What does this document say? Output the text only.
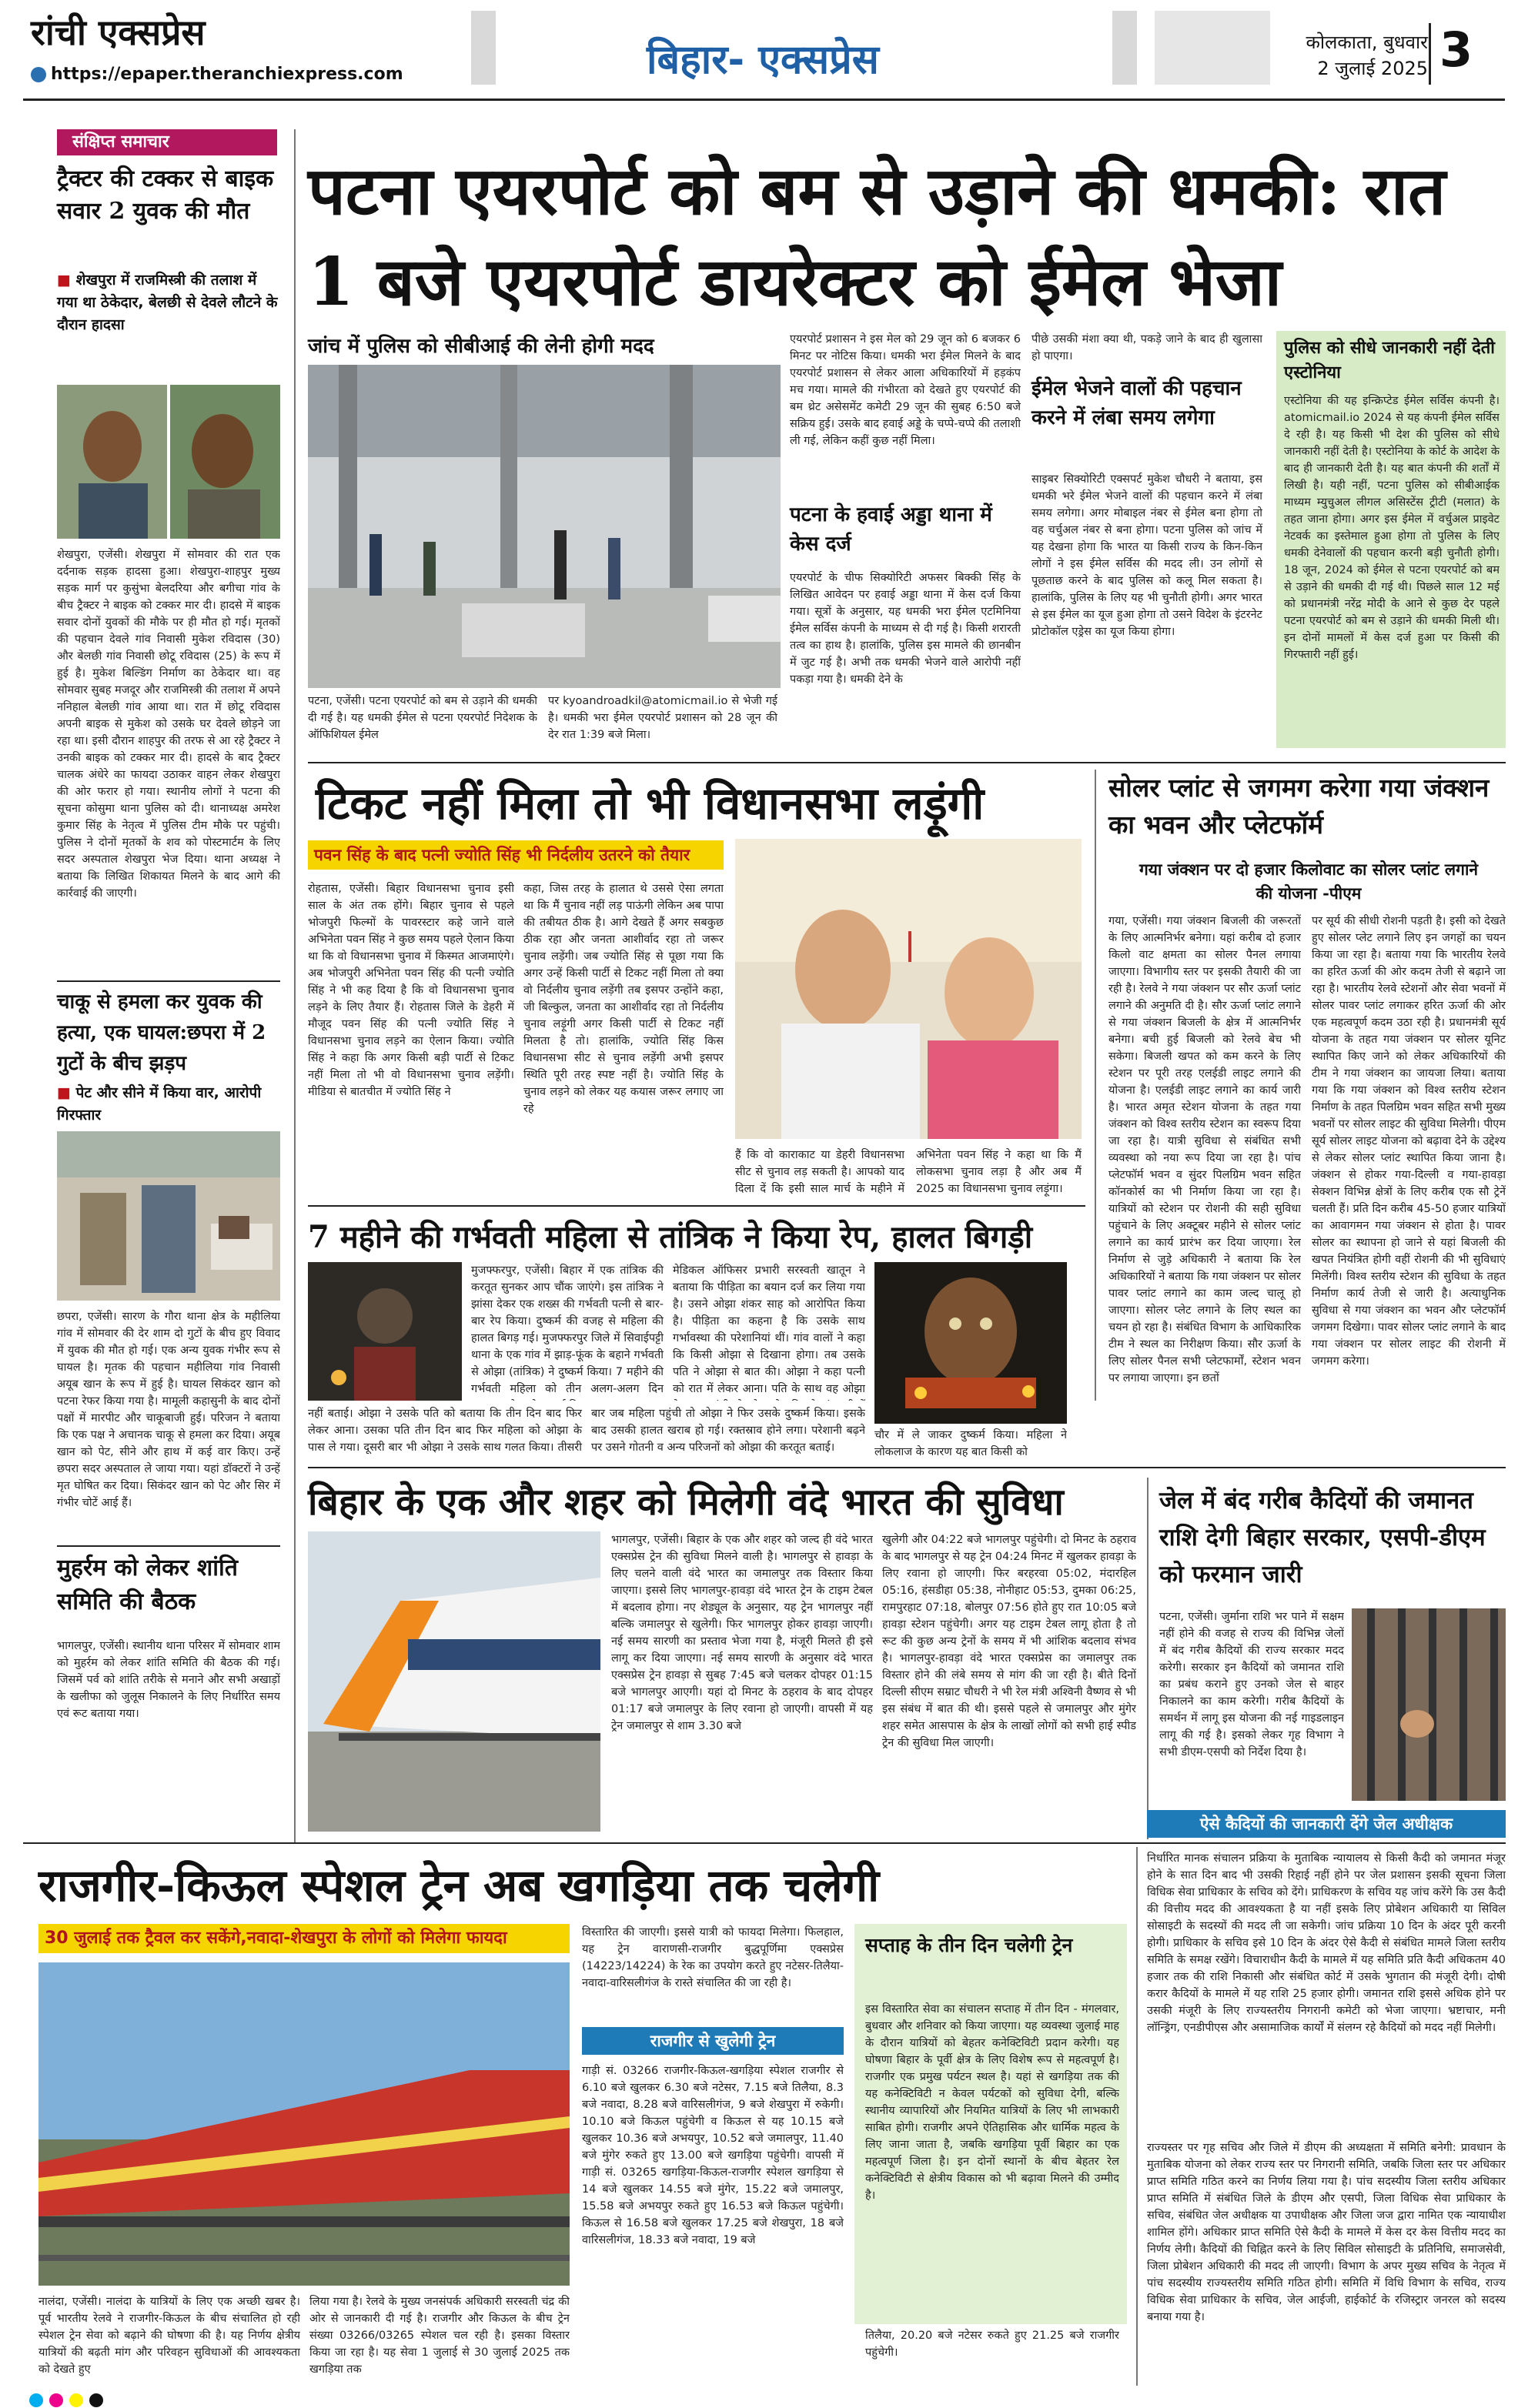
रांची एक्सप्रेस
https://epaper.theranchiexpress.com	बिहार- एक्सप्रेस	कोलकाता, बुधवार
2 जुलाई 2025 3
संक्षिप्त समाचार
ट्रैक्टर की टक्कर से बाइक सवार 2 युवक की मौत
■ शेखपुरा में राजमिस्त्री की तलाश में गया था ठेकेदार, बेलछी से देवले लौटने के दौरान हादसा
शेखपुरा, एजेंसी। शेखपुरा में सोमवार की रात एक दर्दनाक सड़क हादसा हुआ। शेखपुरा-शाहपुर मुख्य सड़क मार्ग पर कुसुंभा बेलदरिया और बगीचा गांव के बीच ट्रैक्टर ने बाइक को टक्कर मार दी। हादसे में बाइक सवार दोनों युवकों की मौके पर ही मौत हो गई। मृतकों की पहचान देवले गांव निवासी मुकेश रविदास (30) और बेलछी गांव निवासी छोटू रविदास (25) के रूप में हुई है। मुकेश बिल्डिंग निर्माण का ठेकेदार था। वह सोमवार सुबह मजदूर और राजमिस्त्री की तलाश में अपने ननिहाल बेलछी गांव आया था। रात में छोटू रविदास अपनी बाइक से मुकेश को उसके घर देवले छोड़ने जा रहा था। इसी दौरान शाहपुर की तरफ से आ रहे ट्रैक्टर ने उनकी बाइक को टक्कर मार दी। हादसे के बाद ट्रैक्टर चालक अंधेरे का फायदा उठाकर वाहन लेकर शेखपुरा की ओर फरार हो गया। स्थानीय लोगों ने पटना की सूचना कोसुमा थाना पुलिस को दी। थानाध्यक्ष अमरेश कुमार सिंह के नेतृत्व में पुलिस टीम मौके पर पहुंची। पुलिस ने दोनों मृतकों के शव को पोस्टमार्टम के लिए सदर अस्पताल शेखपुरा भेज दिया। थाना अध्यक्ष ने बताया कि लिखित शिकायत मिलने के बाद आगे की कार्रवाई की जाएगी।
चाकू से हमला कर युवक की हत्या, एक घायल:छपरा में 2 गुटों के बीच झड़प
■ पेट और सीने में किया वार, आरोपी गिरफ्तार
छपरा, एजेंसी। सारण के गौरा थाना क्षेत्र के महीलिया गांव में सोमवार की देर शाम दो गुटों के बीच हुए विवाद में युवक की मौत हो गई। एक अन्य युवक गंभीर रूप से घायल है। मृतक की पहचान महीलिया गांव निवासी अयूब खान के रूप में हुई है। घायल सिकंदर खान को पटना रेफर किया गया है। मामूली कहासुनी के बाद दोनों पक्षों में मारपीट और चाकूबाजी हुई। परिजन ने बताया कि एक पक्ष ने अचानक चाकू से हमला कर दिया। अयूब खान को पेट, सीने और हाथ में कई वार किए। उन्हें छपरा सदर अस्पताल ले जाया गया। यहां डॉक्टरों ने उन्हें मृत घोषित कर दिया। सिकंदर खान को पेट और सिर में गंभीर चोटें आई हैं।
मुहर्रम को लेकर शांति समिति की बैठक
भागलपुर, एजेंसी। स्थानीय थाना परिसर में सोमवार शाम को मुहर्रम को लेकर शांति समिति की बैठक की गई। जिसमें पर्व को शांति तरीके से मनाने और सभी अखाड़ों के खलीफा को जुलूस निकालने के लिए निर्धारित समय एवं रूट बताया गया।
पटना एयरपोर्ट को बम से उड़ाने की धमकी: रात 1 बजे एयरपोर्ट डायरेक्टर को ईमेल भेजा
जांच में पुलिस को सीबीआई की लेनी होगी मदद
पटना, एजेंसी। पटना एयरपोर्ट को बम से उड़ाने की धमकी दी गई है। यह धमकी ईमेल से पटना एयरपोर्ट निदेशक के ऑफिशियल ईमेल
पर kyoandroadkil@atomicmail.io से भेजी गई है। धमकी भरा ईमेल एयरपोर्ट प्रशासन को 28 जून की देर रात 1:39 बजे मिला।
एयरपोर्ट प्रशासन ने इस मेल को 29 जून को 6 बजकर 6 मिनट पर नोटिस किया। धमकी भरा ईमेल मिलने के बाद एयरपोर्ट प्रशासन से लेकर आला अधिकारियों में हड़कंप मच गया। मामले की गंभीरता को देखते हुए एयरपोर्ट की बम थ्रेट असेसमेंट कमेटी 29 जून की सुबह 6:50 बजे सक्रिय हुई। उसके बाद हवाई अड्डे के चप्पे-चप्पे की तलाशी ली गई, लेकिन कहीं कुछ नहीं मिला।
पटना के हवाई अड्डा थाना में केस दर्ज
एयरपोर्ट के चीफ सिक्योरिटी अफसर बिक्की सिंह के लिखित आवेदन पर हवाई अड्डा थाना में केस दर्ज किया गया। सूत्रों के अनुसार, यह धमकी भरा ईमेल एटमिनिया ईमेल सर्विस कंपनी के माध्यम से दी गई है। किसी शरारती तत्व का हाथ है। हालांकि, पुलिस इस मामले की छानबीन में जुट गई है। अभी तक धमकी भेजने वाले आरोपी नहीं पकड़ा गया है। धमकी देने के
पीछे उसकी मंशा क्या थी, पकड़े जाने के बाद ही खुलासा हो पाएगा।
ईमेल भेजने वालों की पहचान करने में लंबा समय लगेगा
साइबर सिक्योरिटी एक्सपर्ट मुकेश चौधरी ने बताया, इस धमकी भरे ईमेल भेजने वालों की पहचान करने में लंबा समय लगेगा। अगर मोबाइल नंबर से ईमेल बना होगा तो वह चर्चुअल नंबर से बना होगा। पटना पुलिस को जांच में यह देखना होगा कि भारत या किसी राज्य के किन-किन लोगों ने इस ईमेल सर्विस की मदद ली। उन लोगों से पूछताछ करने के बाद पुलिस को कलू मिल सकता है। हालांकि, पुलिस के लिए यह भी चुनौती होगी। अगर भारत से इस ईमेल का यूज हुआ होगा तो उसने विदेश के इंटरनेट प्रोटोकॉल एड्रेस का यूज किया होगा।
पुलिस को सीधे जानकारी नहीं देती एस्टोनिया
एस्टोनिया की यह इन्क्रिप्टेड ईमेल सर्विस कंपनी है। atomicmail.io 2024 से यह कंपनी ईमेल सर्विस दे रही है। यह किसी भी देश की पुलिस को सीधे जानकारी नहीं देती है। एस्टोनिया के कोर्ट के आदेश के बाद ही जानकारी देती है। यह बात कंपनी की शर्तों में लिखी है। यही नहीं, पटना पुलिस को सीबीआईक माध्यम म्युचुअल लीगल असिस्टेंस ट्रीटी (मलात) के तहत जाना होगा। अगर इस ईमेल में वर्चुअल प्राइवेट नेटवर्क का इस्तेमाल हुआ होगा तो पुलिस के लिए धमकी देनेवालों की पहचान करनी बड़ी चुनौती होगी। 18 जून, 2024 को ईमेल से पटना एयरपोर्ट को बम से उड़ाने की धमकी दी गई थी। पिछले साल 12 मई को प्रधानमंत्री नरेंद्र मोदी के आने से कुछ देर पहले पटना एयरपोर्ट को बम से उड़ाने की धमकी मिली थी। इन दोनों मामलों में केस दर्ज हुआ पर किसी की गिरफ्तारी नहीं हुई।
टिकट नहीं मिला तो भी विधानसभा लड़ूंगी
पवन सिंह के बाद पत्नी ज्योति सिंह भी निर्दलीय उतरने को तैयार
रोहतास, एजेंसी। बिहार विधानसभा चुनाव इसी साल के अंत तक होंगे। बिहार चुनाव से पहले भोजपुरी फिल्मों के पावरस्टार कहे जाने वाले अभिनेता पवन सिंह ने कुछ समय पहले ऐलान किया था कि वो विधानसभा चुनाव में किस्मत आजमाएंगे। अब भोजपुरी अभिनेता पवन सिंह की पत्नी ज्योति सिंह ने भी कह दिया है कि वो विधानसभा चुनाव लड़ने के लिए तैयार हैं। रोहतास जिले के डेहरी में मौजूद पवन सिंह की पत्नी ज्योति सिंह ने विधानसभा चुनाव लड़ने का ऐलान किया। ज्योति सिंह ने कहा कि अगर किसी बड़ी पार्टी से टिकट नहीं मिला तो भी वो विधानसभा चुनाव लड़ेंगी। मीडिया से बातचीत में ज्योति सिंह ने
कहा, जिस तरह के हालात थे उससे ऐसा लगता था कि मैं चुनाव नहीं लड़ पाऊंगी लेकिन अब पापा की तबीयत ठीक है। आगे देखते हैं अगर सबकुछ ठीक रहा और जनता आशीर्वाद रहा तो जरूर चुनाव लड़ेंगी। जब ज्योति सिंह से पूछा गया कि अगर उन्हें किसी पार्टी से टिकट नहीं मिला तो क्या वो निर्दलीय चुनाव लड़ेंगी तब इसपर उन्होंने कहा, जी बिल्कुल, जनता का आशीर्वाद रहा तो निर्दलीय चुनाव लड़ूंगी अगर किसी पार्टी से टिकट नहीं मिलता है तो। हालांकि, ज्योति सिंह किस विधानसभा सीट से चुनाव लड़ेंगी अभी इसपर स्थिति पूरी तरह स्पष्ट नहीं है। ज्योति सिंह के चुनाव लड़ने को लेकर यह कयास जरूर लगाए जा रहे
हैं कि वो काराकाट या डेहरी विधानसभा सीट से चुनाव लड़ सकती है। आपको याद दिला दें कि इसी साल मार्च के महीने में
अभिनेता पवन सिंह ने कहा था कि मैं लोकसभा चुनाव लड़ा है और अब मैं 2025 का विधानसभा चुनाव लड़ूंगा।
सोलर प्लांट से जगमग करेगा गया जंक्शन का भवन और प्लेटफॉर्म
गया जंक्शन पर दो हजार किलोवाट का सोलर प्लांट लगाने की योजना -पीएम
गया, एजेंसी। गया जंक्शन बिजली की जरूरतों के लिए आत्मनिर्भर बनेगा। यहां करीब दो हजार किलो वाट क्षमता का सोलर पैनल लगाया जाएगा। विभागीय स्तर पर इसकी तैयारी की जा रही है। रेलवे ने गया जंक्शन पर सौर ऊर्जा प्लांट लगाने की अनुमति दी है। सौर ऊर्जा प्लांट लगाने से गया जंक्शन बिजली के क्षेत्र में आत्मनिर्भर बनेगा। बची हुई बिजली को रेलवे बेच भी सकेगा। बिजली खपत को कम करने के लिए स्टेशन पर पूरी तरह एलईडी लाइट लगाने की योजना है। एलईडी लाइट लगाने का कार्य जारी है। भारत अमृत स्टेशन योजना के तहत गया जंक्शन को विश्व स्तरीय स्टेशन का स्वरूप दिया जा रहा है। यात्री सुविधा से संबंधित सभी व्यवस्था को नया रूप दिया जा रहा है। पांच प्लेटफॉर्म भवन व सुंदर पिलग्रिम भवन सहित कॉनकोर्स का भी निर्माण किया जा रहा है। यात्रियों को स्टेशन पर रोशनी की सही सुविधा पहुंचाने के लिए अक्टूबर महीने से सोलर प्लांट लगाने का कार्य प्रारंभ कर दिया जाएगा। रेल निर्माण से जुड़े अधिकारी ने बताया कि रेल अधिकारियों ने बताया कि गया जंक्शन पर सोलर पावर प्लांट लगाने का काम जल्द चालू हो जाएगा। सोलर प्लेट लगाने के लिए स्थल का चयन हो रहा है। संबंधित विभाग के आधिकारिक टीम ने स्थल का निरीक्षण किया। सौर ऊर्जा के लिए सोलर पैनल सभी प्लेटफार्मों, स्टेशन भवन पर लगाया जाएगा। इन छतों
पर सूर्य की सीधी रोशनी पड़ती है। इसी को देखते हुए सोलर प्लेट लगाने लिए इन जगहों का चयन किया जा रहा है। बताया गया कि भारतीय रेलवे का हरित ऊर्जा की ओर कदम तेजी से बढ़ाने जा रहा है। भारतीय रेलवे स्टेशनों और सेवा भवनों में सोलर पावर प्लांट लगाकर हरित ऊर्जा की ओर एक महत्वपूर्ण कदम उठा रही है। प्रधानमंत्री सूर्य योजना के तहत गया जंक्शन पर सोलर यूनिट स्थापित किए जाने को लेकर अधिकारियों की टीम ने गया जंक्शन का जायजा लिया। बताया गया कि गया जंक्शन को विश्व स्तरीय स्टेशन निर्माण के तहत पिलग्रिम भवन सहित सभी मुख्य भवनों पर सोलर लाइट की सुविधा मिलेगी। पीएम सूर्य सोलर लाइट योजना को बढ़ावा देने के उद्देश्य से लेकर सोलर प्लांट स्थापित किया जाना है। जंक्शन से होकर गया-दिल्ली व गया-हावड़ा सेक्शन विभिन्न क्षेत्रों के लिए करीब एक सौ ट्रेनें चलती हैं। प्रति दिन करीब 45-50 हजार यात्रियों का आवागमन गया जंक्शन से होता है। पावर सोलर का स्थापना हो जाने से यहां बिजली की खपत नियंत्रित होगी वहीं रोशनी की भी सुविधाएं मिलेंगी। विश्व स्तरीय स्टेशन की सुविधा के तहत निर्माण कार्य तेजी से जारी है। अत्याधुनिक सुविधा से गया जंक्शन का भवन और प्लेटफॉर्म जगमग दिखेगा। पावर सोलर प्लांट लगाने के बाद गया जंक्शन पर सोलर लाइट की रोशनी में जगमग करेगा।
7 महीने की गर्भवती महिला से तांत्रिक ने किया रेप, हालत बिगड़ी
मुजफ्फरपुर, एजेंसी। बिहार में एक तांत्रिक की करतूत सुनकर आप चौंक जाएंगे। इस तांत्रिक ने झांसा देकर एक शख्स की गर्भवती पत्नी से बार-बार रेप किया। दुष्कर्म की वजह से महिला की हालत बिगड़ गई। मुजफ्फरपुर जिले में सिवाईपट्टी थाना के एक गांव में झाड़-फूंक के बहाने गर्भवती से ओझा (तांत्रिक) ने दुष्कर्म किया। 7 महीने की गर्भवती महिला को तीन अलग-अलग दिन
मेडिकल ऑफिसर प्रभारी सरस्वती खातून ने बताया कि पीड़िता का बयान दर्ज कर लिया गया है। उसने ओझा शंकर साह को आरोपित किया है। पीड़िता का कहना है कि उसके साथ गर्भावस्था की परेशानियां थीं। गांव वालों ने कहा कि किसी ओझा से दिखाना होगा। तब उसके पति ने ओझा से बात की। ओझा ने कहा पत्नी को रात में लेकर आना। पति के साथ वह ओझा
चौर में ले जाकर दुष्कर्म किया। महिला ने लोकलाज के कारण यह बात किसी को
नहीं बताई। ओझा ने उसके पति को बताया कि तीन दिन बाद फिर लेकर आना। उसका पति तीन दिन बाद फिर महिला को ओझा के पास ले गया। दूसरी बार भी ओझा ने उसके साथ गलत किया। तीसरी बार जब महिला पहुंची तो ओझा ने फिर उसके दुष्कर्म किया। इसके बाद उसकी हालत खराब हो गई। रक्तस्राव होने लगा। परेशानी बढ़ने पर उसने गोतनी व अन्य परिजनों को ओझा की करतूत बताई।
बिहार के एक और शहर को मिलेगी वंदे भारत की सुविधा
भागलपुर, एजेंसी। बिहार के एक और शहर को जल्द ही वंदे भारत एक्सप्रेस ट्रेन की सुविधा मिलने वाली है। भागलपुर से हावड़ा के लिए चलने वाली वंदे भारत का जमालपुर तक विस्तार किया जाएगा। इससे लिए भागलपुर-हावड़ा वंदे भारत ट्रेन के टाइम टेबल में बदलाव होगा। नए शेड्यूल के अनुसार, यह ट्रेन भागलपुर नहीं बल्कि जमालपुर से खुलेगी। फिर भागलपुर होकर हावड़ा जाएगी। नई समय सारणी का प्रस्ताव भेजा गया है, मंजूरी मिलते ही इसे लागू कर दिया जाएगा। नई समय सारणी के अनुसार वंदे भारत एक्सप्रेस ट्रेन हावड़ा से सुबह 7:45 बजे चलकर दोपहर 01:15 बजे भागलपुर आएगी। यहां दो मिनट के ठहराव के बाद दोपहर 01:17 बजे जमालपुर के लिए रवाना हो जाएगी। वापसी में यह ट्रेन जमालपुर से शाम 3.30 बजे
खुलेगी और 04:22 बजे भागलपुर पहुंचेगी। दो मिनट के ठहराव के बाद भागलपुर से यह ट्रेन 04:24 मिनट में खुलकर हावड़ा के लिए रवाना हो जाएगी। फिर बरहरवा 05:02, मंदारहिल 05:16, हंसडीहा 05:38, नोनीहाट 05:53, दुमका 06:25, रामपुरहाट 07:18, बोलपुर 07:56 होते हुए रात 10:05 बजे हावड़ा स्टेशन पहुंचेगी। अगर यह टाइम टेबल लागू होता है तो रूट की कुछ अन्य ट्रेनों के समय में भी आंशिक बदलाव संभव है। भागलपुर-हावड़ा वंदे भारत एक्सप्रेस का जमालपुर तक विस्तार होने की लंबे समय से मांग की जा रही है। बीते दिनों दिल्ली सीएम सम्राट चौधरी ने भी रेल मंत्री अश्विनी वैष्णव से भी इस संबंध में बात की थी। इससे पहले से जमालपुर और मुंगेर शहर समेत आसपास के क्षेत्र के लाखों लोगों को सभी हाई स्पीड ट्रेन की सुविधा मिल जाएगी।
जेल में बंद गरीब कैदियों की जमानत राशि देगी बिहार सरकार, एसपी-डीएम को फरमान जारी
पटना, एजेंसी। जुर्माना राशि भर पाने में सक्षम नहीं होने की वजह से राज्य की विभिन्न जेलों में बंद गरीब कैदियों की राज्य सरकार मदद करेगी। सरकार इन कैदियों को जमानत राशि का प्रबंध कराने हुए उनको जेल से बाहर निकालने का काम करेगी। गरीब कैदियों के समर्थन में लागू इस योजना की नई गाइडलाइन लागू की गई है। इसको लेकर गृह विभाग ने सभी डीएम-एसपी को निर्देश दिया है।
ऐसे कैदियों की जानकारी देंगे जेल अधीक्षक
राजगीर-किऊल स्पेशल ट्रेन अब खगड़िया तक चलेगी
30 जुलाई तक ट्रैवल कर सकेंगे,नवादा-शेखपुरा के लोगों को मिलेगा फायदा
नालंदा, एजेंसी। नालंदा के यात्रियों के लिए एक अच्छी खबर है। पूर्व भारतीय रेलवे ने राजगीर-किऊल के बीच संचालित हो रही स्पेशल ट्रेन सेवा को बढ़ाने की घोषणा की है। यह निर्णय क्षेत्रीय यात्रियों की बढ़ती मांग और परिवहन सुविधाओं की आवश्यकता को देखते हुए
लिया गया है। रेलवे के मुख्य जनसंपर्क अधिकारी सरस्वती चंद्र की ओर से जानकारी दी गई है। राजगीर और किऊल के बीच ट्रेन संख्या 03266/03265 स्पेशल चल रही है। इसका विस्तार किया जा रहा है। यह सेवा 1 जुलाई से 30 जुलाई 2025 तक खगड़िया तक
विस्तारित की जाएगी। इससे यात्री को फायदा मिलेगा। फिलहाल, यह ट्रेन वाराणसी-राजगीर बुद्धपूर्णिमा एक्सप्रेस (14223/14224) के रेक का उपयोग करते हुए नटेसर-तिलैया-नवादा-वारिसलीगंज के रास्ते संचालित की जा रही है।
राजगीर से खुलेगी ट्रेन
गाड़ी सं. 03266 राजगीर-किऊल-खगड़िया स्पेशल राजगीर से 6.10 बजे खुलकर 6.30 बजे नटेसर, 7.15 बजे तिलैया, 8.3 बजे नवादा, 8.28 बजे वारिसलीगंज, 9 बजे शेखपुरा में रुकेगी। 10.10 बजे किऊल पहुंचेगी व किऊल से यह 10.15 बजे खुलकर 10.36 बजे अभयपुर, 10.52 बजे जमालपुर, 11.40 बजे मुंगेर रुकते हुए 13.00 बजे खगड़िया पहुंचेगी। वापसी में गाड़ी सं. 03265 खगड़िया-किऊल-राजगीर स्पेशल खगड़िया से 14 बजे खुलकर 14.55 बजे मुंगेर, 15.22 बजे जमालपुर, 15.58 बजे अभयपुर रुकते हुए 16.53 बजे किऊल पहुंचेगी। किऊल से 16.58 बजे खुलकर 17.25 बजे शेखपुरा, 18 बजे वारिसलीगंज, 18.33 बजे नवादा, 19 बजे
सप्ताह के तीन दिन चलेगी ट्रेन
इस विस्तारित सेवा का संचालन सप्ताह में तीन दिन - मंगलवार, बुधवार और शनिवार को किया जाएगा। यह व्यवस्था जुलाई माह के दौरान यात्रियों को बेहतर कनेक्टिविटी प्रदान करेगी। यह घोषणा बिहार के पूर्वी क्षेत्र के लिए विशेष रूप से महत्वपूर्ण है। राजगीर एक प्रमुख पर्यटन स्थल है। यहां से खगड़िया तक की यह कनेक्टिविटी न केवल पर्यटकों को सुविधा देगी, बल्कि स्थानीय व्यापारियों और नियमित यात्रियों के लिए भी लाभकारी साबित होगी। राजगीर अपने ऐतिहासिक और धार्मिक महत्व के लिए जाना जाता है, जबकि खगड़िया पूर्वी बिहार का एक महत्वपूर्ण जिला है। इन दोनों स्थानों के बीच बेहतर रेल कनेक्टिविटी से क्षेत्रीय विकास को भी बढ़ावा मिलने की उम्मीद है।
तिलैया, 20.20 बजे नटेसर रुकते हुए 21.25 बजे राजगीर पहुंचेगी।
निर्धारित मानक संचालन प्रक्रिया के मुताबिक न्यायालय से किसी कैदी को जमानत मंजूर होने के सात दिन बाद भी उसकी रिहाई नहीं होने पर जेल प्रशासन इसकी सूचना जिला विधिक सेवा प्राधिकार के सचिव को देंगे। प्राधिकरण के सचिव यह जांच करेंगे कि उस कैदी की वित्तीय मदद की आवश्यकता है या नहीं इसके लिए प्रोबेशन अधिकारी या सिविल सोसाइटी के सदस्यों की मदद ली जा सकेगी। जांच प्रक्रिया 10 दिन के अंदर पूरी करनी होगी। प्राधिकार के सचिव इसे 10 दिन के अंदर ऐसे कैदी से संबंधित मामले जिला स्तरीय समिति के समक्ष रखेंगे। विचाराधीन कैदी के मामले में यह समिति प्रति कैदी अधिकतम 40 हजार तक की राशि निकासी और संबंधित कोर्ट में उसके भुगतान की मंजूरी देगी। दोषी करार कैदियों के मामले में यह राशि 25 हजार होगी। जमानत राशि इससे अधिक होने पर उसकी मंजूरी के लिए राज्यस्तरीय निगरानी कमेटी को भेजा जाएगा। भ्रष्टाचार, मनी लॉन्ड्रिंग, एनडीपीएस और असामाजिक कार्यों में संलग्न रहे कैदियों को मदद नहीं मिलेगी।
राज्यस्तर पर गृह सचिव और जिले में डीएम की अध्यक्षता में समिति बनेगी: प्रावधान के मुताबिक योजना को लेकर राज्य स्तर पर निगरानी समिति, जबकि जिला स्तर पर अधिकार प्राप्त समिति गठित करने का निर्णय लिया गया है। पांच सदस्यीय जिला स्तरीय अधिकार प्राप्त समिति में संबंधित जिले के डीएम और एसपी, जिला विधिक सेवा प्राधिकार के सचिव, संबंधित जेल अधीक्षक या उपाधीक्षक और जिला जज द्वारा नामित एक न्यायाधीश शामिल होंगे। अधिकार प्राप्त समिति ऐसे कैदी के मामले में केस दर केस वित्तीय मदद का निर्णय लेगी। कैदियों की चिह्नित करने के लिए सिविल सोसाइटी के प्रतिनिधि, समाजसेवी, जिला प्रोबेशन अधिकारी की मदद ली जाएगी। विभाग के अपर मुख्य सचिव के नेतृत्व में पांच सदस्यीय राज्यस्तरीय समिति गठित होगी। समिति में विधि विभाग के सचिव, राज्य विधिक सेवा प्राधिकार के सचिव, जेल आईजी, हाईकोर्ट के रजिस्ट्रार जनरल को सदस्य बनाया गया है।
